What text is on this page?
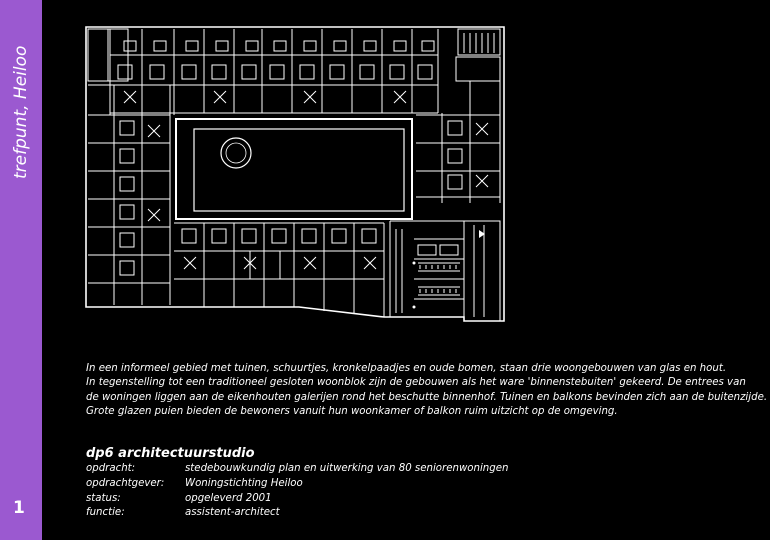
trefpunt, Heiloo
1

In een informeel gebied met tuinen, schuurtjes, kronkelpaadjes en oude bomen, staan drie woongebouwen van glas en hout.

In tegenstelling tot een traditioneel gesloten woonblok zijn de gebouwen als het ware 'binnenstebuiten' gekeerd. De entrees van

de woningen liggen aan de eikenhouten galerijen rond het beschutte binnenhof. Tuinen en balkons bevinden zich aan de buitenzijde.

Grote glazen puien bieden de bewoners vanuit hun woonkamer of balkon ruim uitzicht op de omgeving.

dp6 architectuurstudio
opdracht:	stedebouwkundig plan en uitwerking van 80 seniorenwoningen
opdrachtgever:	Woningstichting Heiloo
status:	opgeleverd 2001
functie:	assistent-architect
